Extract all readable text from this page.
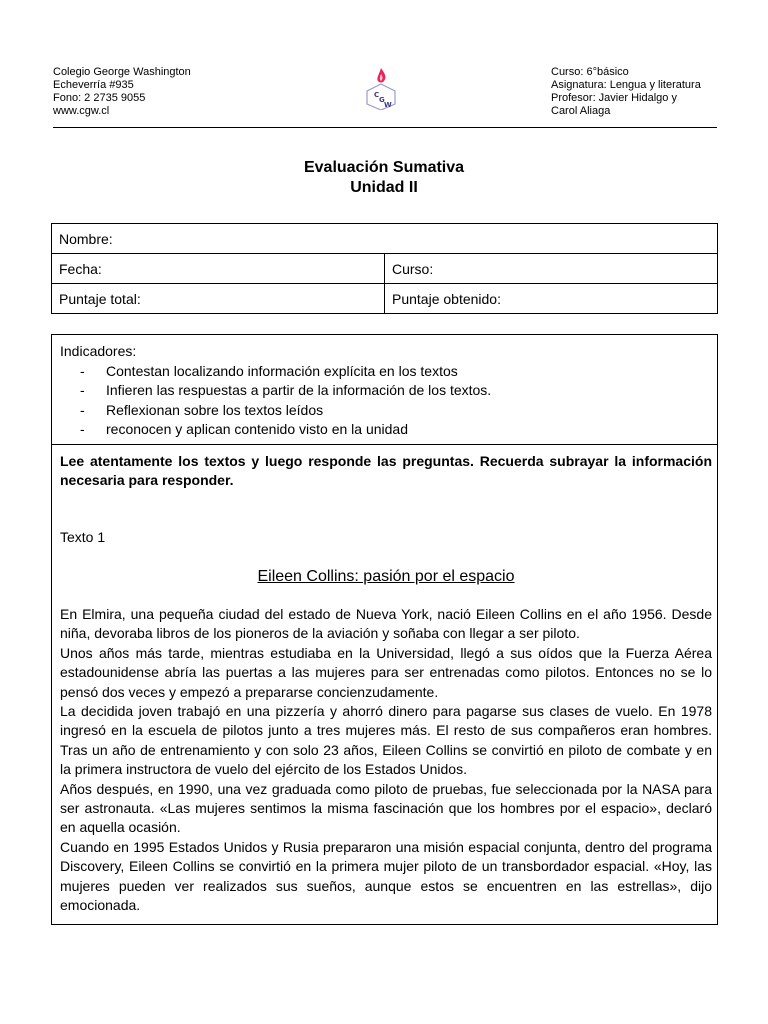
Colegio George Washington
Echeverría #935
Fono: 2 2735 9055
www.cgw.cl
C
G
W
Curso: 6°básico
Asignatura: Lengua y literatura
Profesor: Javier Hidalgo y
Carol Aliaga
Evaluación Sumativa
Unidad II
Nombre:	
Fecha:	Curso:
Puntaje total:	Puntaje obtenido:
Indicadores:
-	Contestan localizando información explícita en los textos
-	Infieren las respuestas a partir de la información de los textos.
-	Reflexionan sobre los textos leídos
-	reconocen y aplican contenido visto en la unidad
Lee atentamente los textos y luego responde las preguntas. Recuerda subrayar la información necesaria para responder.
Texto 1
Eileen Collins: pasión por el espacio

En Elmira, una pequeña ciudad del estado de Nueva York, nació Eileen Collins en el año 1956. Desde niña, devoraba libros de los pioneros de la aviación y soñaba con llegar a ser piloto.

Unos años más tarde, mientras estudiaba en la Universidad, llegó a sus oídos que la Fuerza Aérea estadounidense abría las puertas a las mujeres para ser entrenadas como pilotos. Entonces no se lo pensó dos veces y empezó a prepararse concienzudamente.

La decidida joven trabajó en una pizzería y ahorró dinero para pagarse sus clases de vuelo. En 1978 ingresó en la escuela de pilotos junto a tres mujeres más. El resto de sus compañeros eran hombres. Tras un año de entrenamiento y con solo 23 años, Eileen Collins se convirtió en piloto de combate y en la primera instructora de vuelo del ejército de los Estados Unidos.

Años después, en 1990, una vez graduada como piloto de pruebas, fue seleccionada por la NASA para ser astronauta. «Las mujeres sentimos la misma fascinación que los hombres por el espacio», declaró en aquella ocasión.

Cuando en 1995 Estados Unidos y Rusia prepararon una misión espacial conjunta, dentro del programa Discovery, Eileen Collins se convirtió en la primera mujer piloto de un transbordador espacial. «Hoy, las mujeres pueden ver realizados sus sueños, aunque estos se encuentren en las estrellas», dijo emocionada.
